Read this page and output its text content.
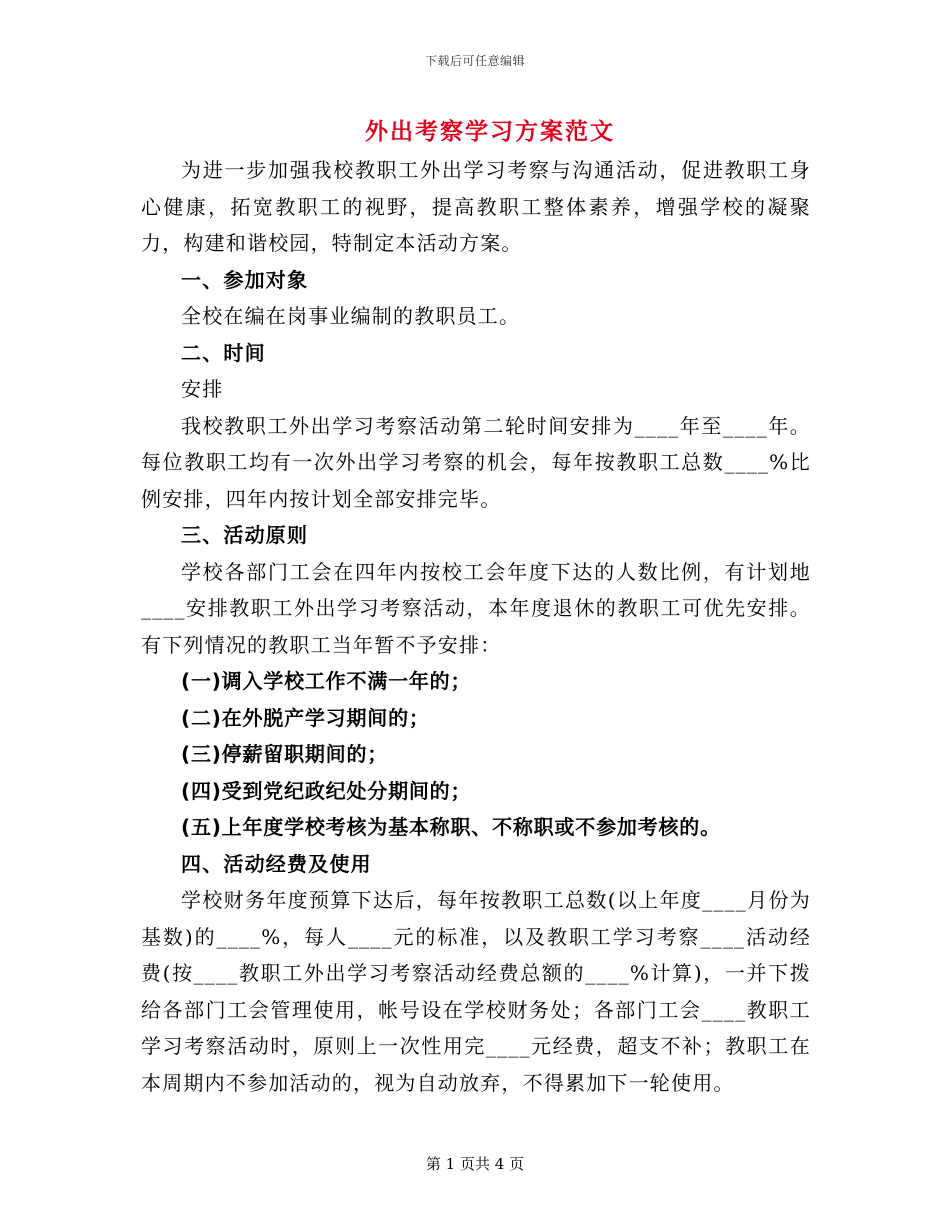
下载后可任意编辑
外出考察学习方案范文

为进一步加强我校教职工外出学习考察与沟通活动，促进教职工身心健康，拓宽教职工的视野，提高教职工整体素养，增强学校的凝聚力，构建和谐校园，特制定本活动方案。

一、参加对象

全校在编在岗事业编制的教职员工。

二、时间

安排

我校教职工外出学习考察活动第二轮时间安排为____年至____年。每位教职工均有一次外出学习考察的机会，每年按教职工总数____%比例安排，四年内按计划全部安排完毕。

三、活动原则

学校各部门工会在四年内按校工会年度下达的人数比例，有计划地____安排教职工外出学习考察活动，本年度退休的教职工可优先安排。有下列情况的教职工当年暂不予安排：

(一)调入学校工作不满一年的；

(二)在外脱产学习期间的；

(三)停薪留职期间的；

(四)受到党纪政纪处分期间的；

(五)上年度学校考核为基本称职、不称职或不参加考核的。

四、活动经费及使用

学校财务年度预算下达后，每年按教职工总数(以上年度____月份为基数)的____%，每人____元的标准，以及教职工学习考察____活动经费(按____教职工外出学习考察活动经费总额的____%计算)，一并下拨给各部门工会管理使用，帐号设在学校财务处；各部门工会____教职工学习考察活动时，原则上一次性用完____元经费，超支不补；教职工在本周期内不参加活动的，视为自动放弃，不得累加下一轮使用。

第 1 页共 4 页
